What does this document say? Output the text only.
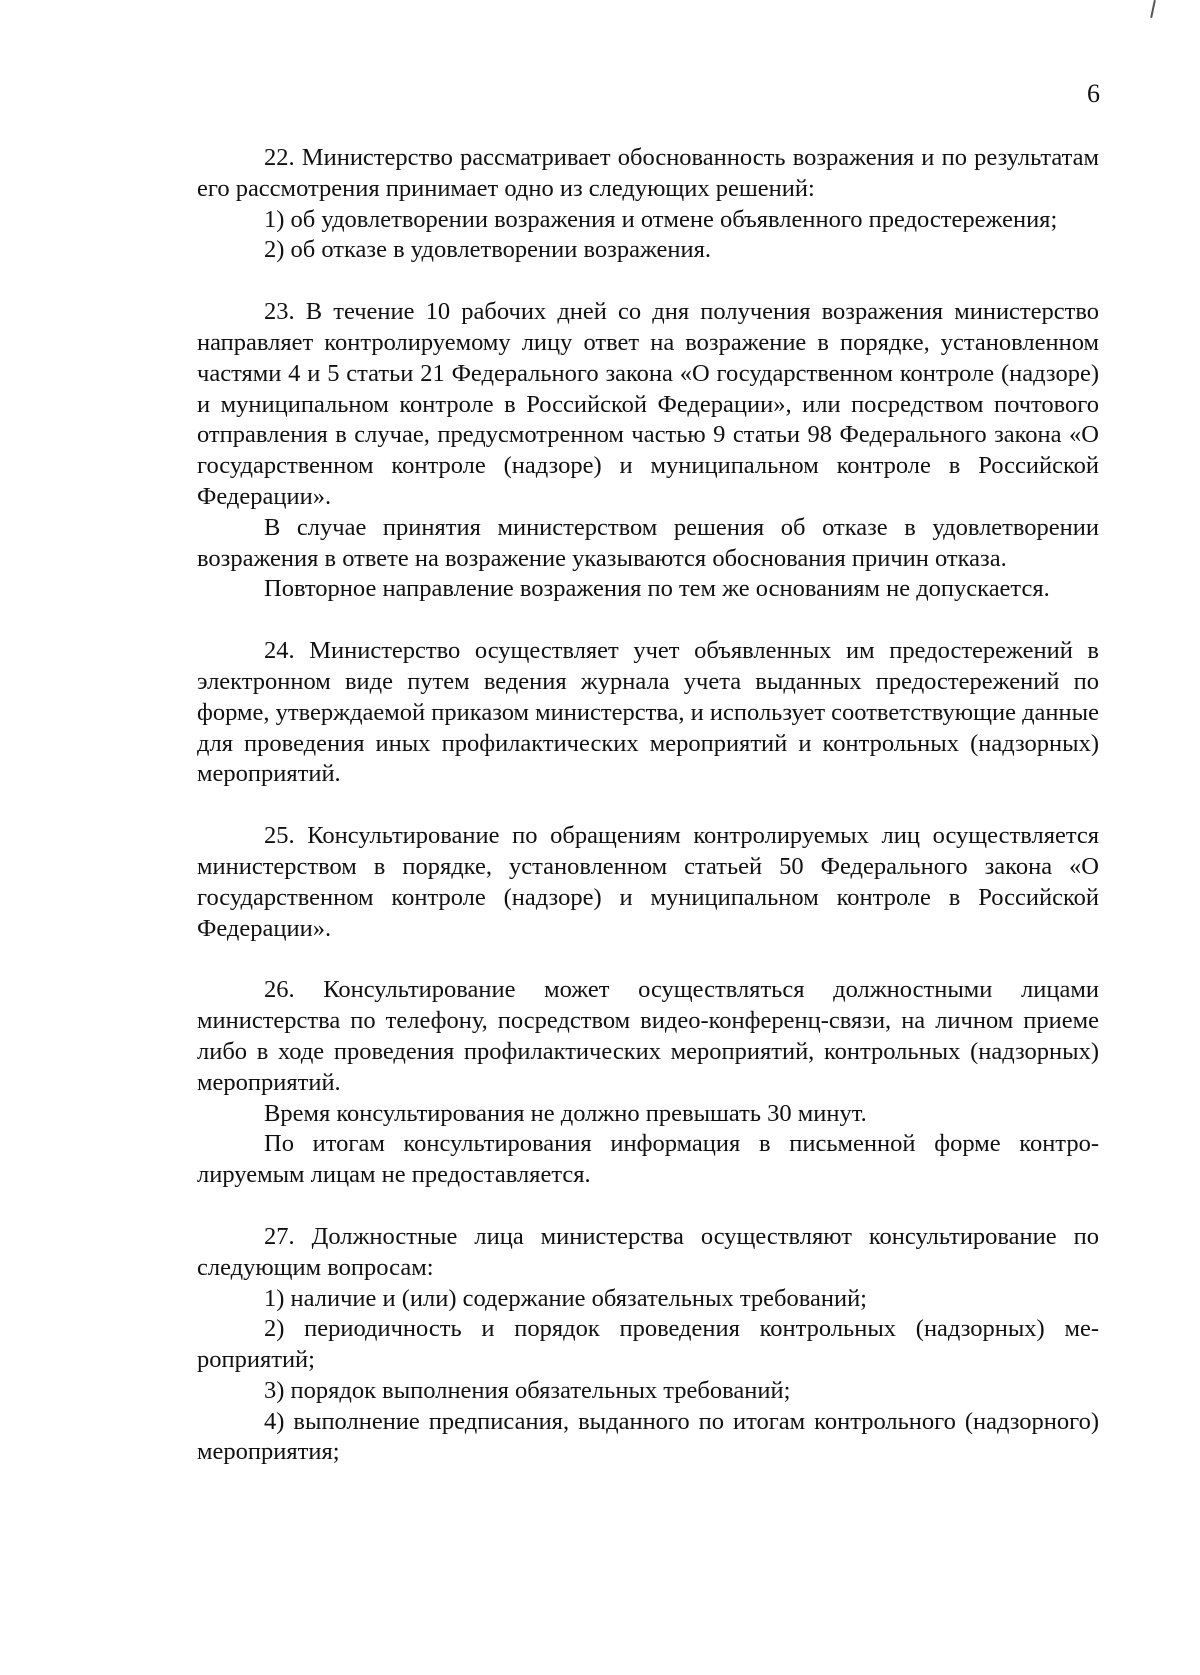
6

22. Министерство рассматривает обоснованность возражения и по результатам его рассмотрения принимает одно из следующих решений:

1) об удовлетворении возражения и отмене объявленного предостережения;

2) об отказе в удовлетворении возражения.

23. В течение 10 рабочих дней со дня получения возражения министерство направляет контролируемому лицу ответ на возражение в порядке, установленном частями 4 и 5 статьи 21 Федерального закона «О государственном контроле (надзоре) и муниципальном контроле в Российской Федерации», или посредством почтового отправления в случае, предусмотренном частью 9 статьи 98 Федерального закона «О государственном контроле (надзоре) и муниципальном контроле в Российской Федерации».

В случае принятия министерством решения об отказе в удовлетворении возражения в ответе на возражение указываются обоснования причин отказа.

Повторное направление возражения по тем же основаниям не допускается.

24. Министерство осуществляет учет объявленных им предостережений в электронном виде путем ведения журнала учета выданных предостережений по форме, утверждаемой приказом министерства, и использует соответствующие данные для проведения иных профилактических мероприятий и контрольных (надзорных) мероприятий.

25. Консультирование по обращениям контролируемых лиц осуществляется министерством в порядке, установленном статьей 50 Федерального закона «О государственном контроле (надзоре) и муниципальном контроле в Российской Федерации».

26. Консультирование может осуществляться должностными лицами министерства по телефону, посредством видео-конференц-связи, на личном приеме либо в ходе проведения профилактических мероприятий, контрольных (надзорных) мероприятий.

Время консультирования не должно превышать 30 минут.

По итогам консультирования информация в письменной форме контролируемым лицам не предоставляется.

27. Должностные лица министерства осуществляют консультирование по следующим вопросам:

1) наличие и (или) содержание обязательных требований;

2) периодичность и порядок проведения контрольных (надзорных) мероприятий;

3) порядок выполнения обязательных требований;

4) выполнение предписания, выданного по итогам контрольного (надзорного) мероприятия;
